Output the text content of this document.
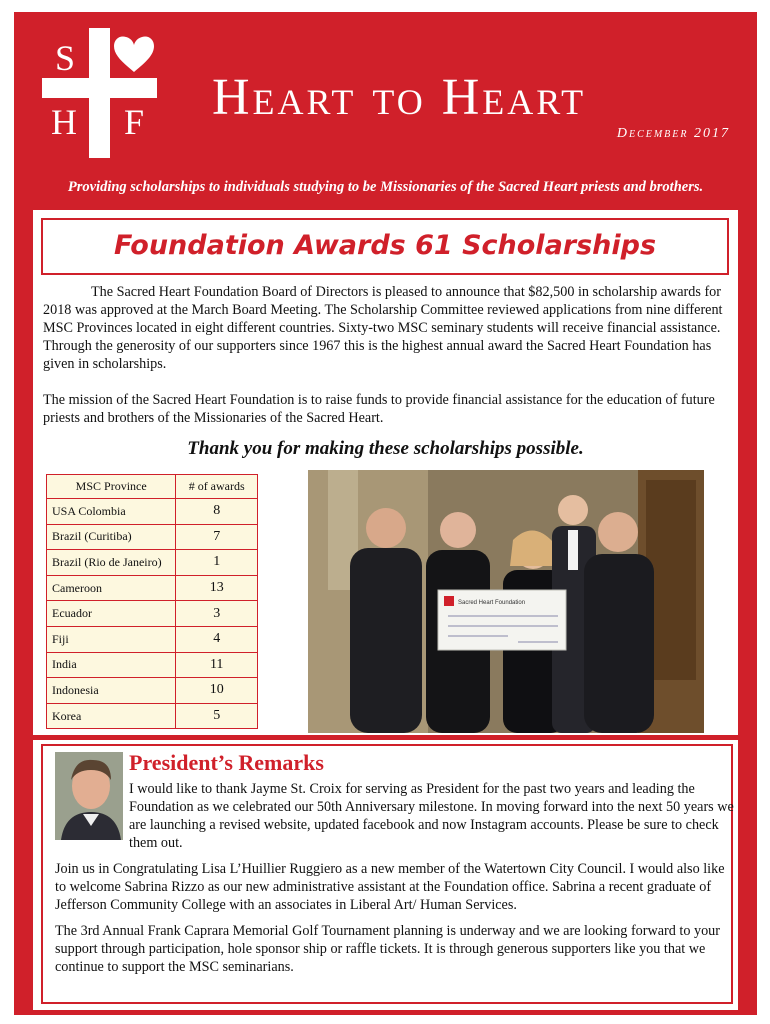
S
H F Heart to Heart
December 2017
Providing scholarships to individuals studying to be Missionaries of the Sacred Heart priests and brothers.
Foundation Awards 61 Scholarships

The Sacred Heart Foundation Board of Directors is pleased to announce that $82,500 in scholarship awards for 2018 was approved at the March Board Meeting. The Scholarship Committee reviewed applications from nine different MSC Provinces located in eight different countries. Sixty-two MSC seminary students will receive financial assistance. Through the generosity of our supporters since 1967 this is the highest annual award the Sacred Heart Foundation has given in scholarships.

The mission of the Sacred Heart Foundation is to raise funds to provide financial assistance for the education of future priests and brothers of the Missionaries of the Sacred Heart.

Thank you for making these scholarships possible.
MSC Province	# of awards
USA Colombia	8
Brazil (Curitiba)	7
Brazil (Rio de Janeiro)	1
Cameroon	13
Ecuador	3
Fiji	4
India	11
Indonesia	10
Korea	5
Sacred Heart Foundation
President’s Remarks

I would like to thank Jayme St. Croix for serving as President for the past two years and leading the Foundation as we celebrated our 50th Anniversary milestone. In moving forward into the next 50 years we are launching a revised website, updated facebook and now Instagram accounts. Please be sure to check them out.

Join us in Congratulating Lisa L’Huillier Ruggiero as a new member of the Watertown City Council. I would also like to welcome Sabrina Rizzo as our new administrative assistant at the Foundation office. Sabrina a recent graduate of Jefferson Community College with an associates in Liberal Art/ Human Services.

The 3rd Annual Frank Caprara Memorial Golf Tournament planning is underway and we are looking forward to your support through participation, hole sponsor ship or raffle tickets. It is through generous supporters like you that we continue to support the MSC seminarians.
